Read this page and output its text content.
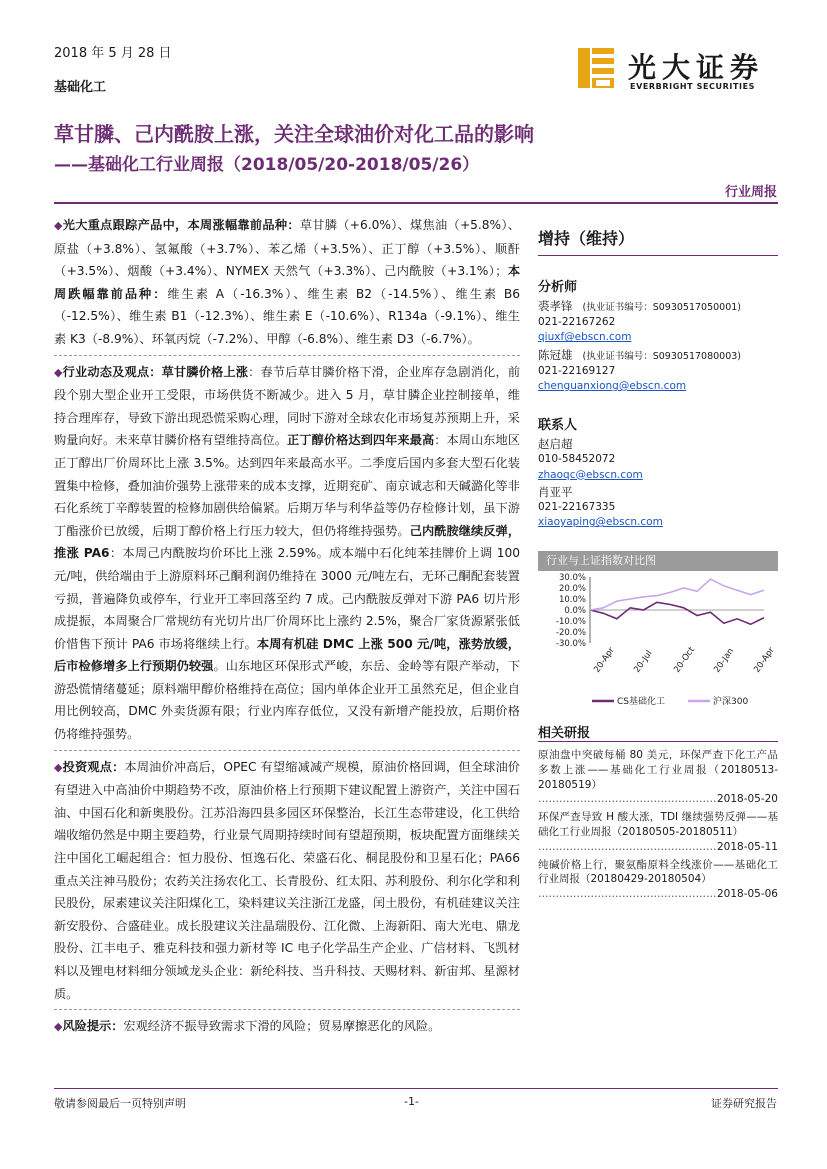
2018 年 5 月 28 日
基础化工
光大证券
EVERBRIGHT SECURITIES
草甘膦、己内酰胺上涨，关注全球油价对化工品的影响
——基础化工行业周报（2018/05/20-2018/05/26）
行业周报

◆光大重点跟踪产品中，本周涨幅靠前品种：草甘膦（+6.0%）、煤焦油（+5.8%）、原盐（+3.8%）、氢氟酸（+3.7%）、苯乙烯（+3.5%）、正丁醇（+3.5%）、顺酐（+3.5%）、烟酸（+3.4%）、NYMEX 天然气（+3.3%）、己内酰胺（+3.1%）；本周跌幅靠前品种：维生素 A（-16.3%）、维生素 B2（-14.5%）、维生素 B6（-12.5%）、维生素 B1（-12.3%）、维生素 E（-10.6%）、R134a（-9.1%）、维生素 K3（-8.9%）、环氧丙烷（-7.2%）、甲醇（-6.8%）、维生素 D3（-6.7%）。

◆行业动态及观点：草甘膦价格上涨：春节后草甘膦价格下滑，企业库存急剧消化，前段个别大型企业开工受限，市场供货不断减少。进入 5 月，草甘膦企业控制接单，维持合理库存，导致下游出现恐慌采购心理，同时下游对全球农化市场复苏预期上升，采购量向好。未来草甘膦价格有望维持高位。正丁醇价格达到四年来最高：本周山东地区正丁醇出厂价周环比上涨 3.5%。达到四年来最高水平。二季度后国内多套大型石化装置集中检修，叠加油价强势上涨带来的成本支撑，近期兖矿、南京诚志和天碱潞化等非石化系统丁辛醇装置的检修加剧供给偏紧。后期万华与利华益等仍存检修计划，虽下游丁酯涨价已放缓，后期丁醇价格上行压力较大，但仍将维持强势。己内酰胺继续反弹，推涨 PA6：本周己内酰胺均价环比上涨 2.59%。成本端中石化纯苯挂牌价上调 100 元/吨，供给端由于上游原料环己酮利润仍维持在 3000 元/吨左右，无环己酮配套装置亏损，普遍降负或停车，行业开工率回落至约 7 成。己内酰胺反弹对下游 PA6 切片形成提振，本周聚合厂常规纺有光切片出厂价周环比上涨约 2.5%，聚合厂家货源紧张低价惜售下预计 PA6 市场将继续上行。本周有机硅 DMC 上涨 500 元/吨，涨势放缓，后市检修增多上行预期仍较强。山东地区环保形式严峻，东岳、金岭等有限产举动，下游恐慌情绪蔓延；原料端甲醇价格维持在高位；国内单体企业开工虽然充足，但企业自用比例较高，DMC 外卖货源有限；行业内库存低位，又没有新增产能投放，后期价格仍将维持强势。

◆投资观点：本周油价冲高后，OPEC 有望缩减减产规模，原油价格回调，但全球油价有望进入中高油价中期趋势不改，原油价格上行预期下建议配置上游资产，关注中国石油、中国石化和新奥股份。江苏沿海四县多园区环保整治，长江生态带建设，化工供给端收缩仍然是中期主要趋势，行业景气周期持续时间有望超预期，板块配置方面继续关注中国化工崛起组合：恒力股份、恒逸石化、荣盛石化、桐昆股份和卫星石化；PA66 重点关注神马股份；农药关注扬农化工、长青股份、红太阳、苏利股份、利尔化学和利民股份，尿素建议关注阳煤化工，染料建议关注浙江龙盛，闰土股份，有机硅建议关注新安股份、合盛硅业。成长股建议关注晶瑞股份、江化微、上海新阳、南大光电、鼎龙股份、江丰电子、雅克科技和强力新材等 IC 电子化学品生产企业、广信材料、飞凯材料以及锂电材料细分领域龙头企业：新纶科技、当升科技、天赐材料、新宙邦、星源材质。

◆风险提示：宏观经济不振导致需求下滑的风险；贸易摩擦恶化的风险。

增持（维持）
分析师
裘孝锋 (执业证书编号：S0930517050001)
021-22167262
qiuxf@ebscn.com
陈冠雄 (执业证书编号：S0930517080003)
021-22169127
chenguanxiong@ebscn.com
联系人
赵启超
010-58452072
zhaoqc@ebscn.com
肖亚平
021-22167335
xiaoyaping@ebscn.com
行业与上证指数对比图
30.0%
20.0%
10.0%
0.0%
-10.0%
-20.0%
-30.0%
20-Apr 20-Jul 20-Oct 20-Jan 20-Apr
CS基础化工	沪深300
相关研报
原油盘中突破每桶 80 美元，环保严查下化工产品多数上涨——基础化工行业周报（20180513-20180519）
…………………………………………… 2018-05-20
环保严查导致 H 酸大涨，TDI 继续强势反弹——基础化工行业周报（20180505-20180511）
…………………………………………… 2018-05-11
纯碱价格上行，聚氨酯原料全线涨价——基础化工行业周报（20180429-20180504）
…………………………………………… 2018-05-06
敬请参阅最后一页特别声明	-1-	证券研究报告
